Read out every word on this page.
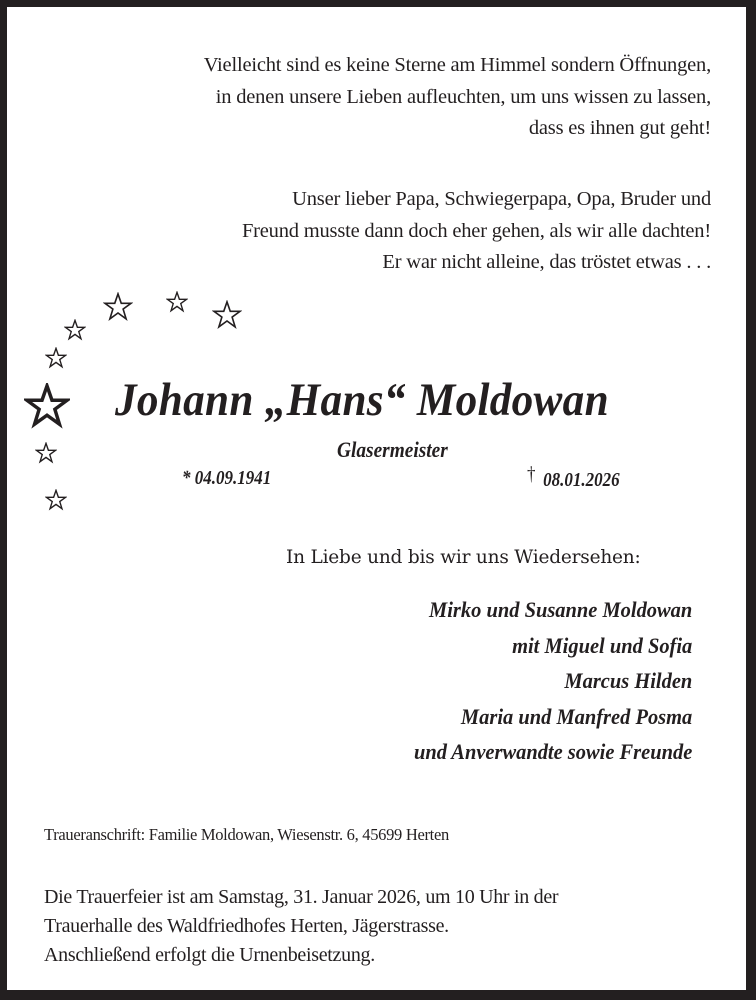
Vielleicht sind es keine Sterne am Himmel sondern Öffnungen,
in denen unsere Lieben aufleuchten, um uns wissen zu lassen,
dass es ihnen gut geht!
Unser lieber Papa, Schwiegerpapa, Opa, Bruder und
Freund musste dann doch eher gehen, als wir alle dachten!
Er war nicht alleine, das tröstet etwas . . .
Johann „Hans“ Moldowan
Glasermeister
* 04.09.1941	† 08.01.2026
In Liebe und bis wir uns Wiedersehen:
Mirko und Susanne Moldowan
mit Miguel und Sofia
Marcus Hilden
Maria und Manfred Posma
und Anverwandte sowie Freunde
Traueranschrift: Familie Moldowan, Wiesenstr. 6, 45699 Herten
Die Trauerfeier ist am Samstag, 31. Januar 2026, um 10 Uhr in der
Trauerhalle des Waldfriedhofes Herten, Jägerstrasse.
Anschließend erfolgt die Urnenbeisetzung.
